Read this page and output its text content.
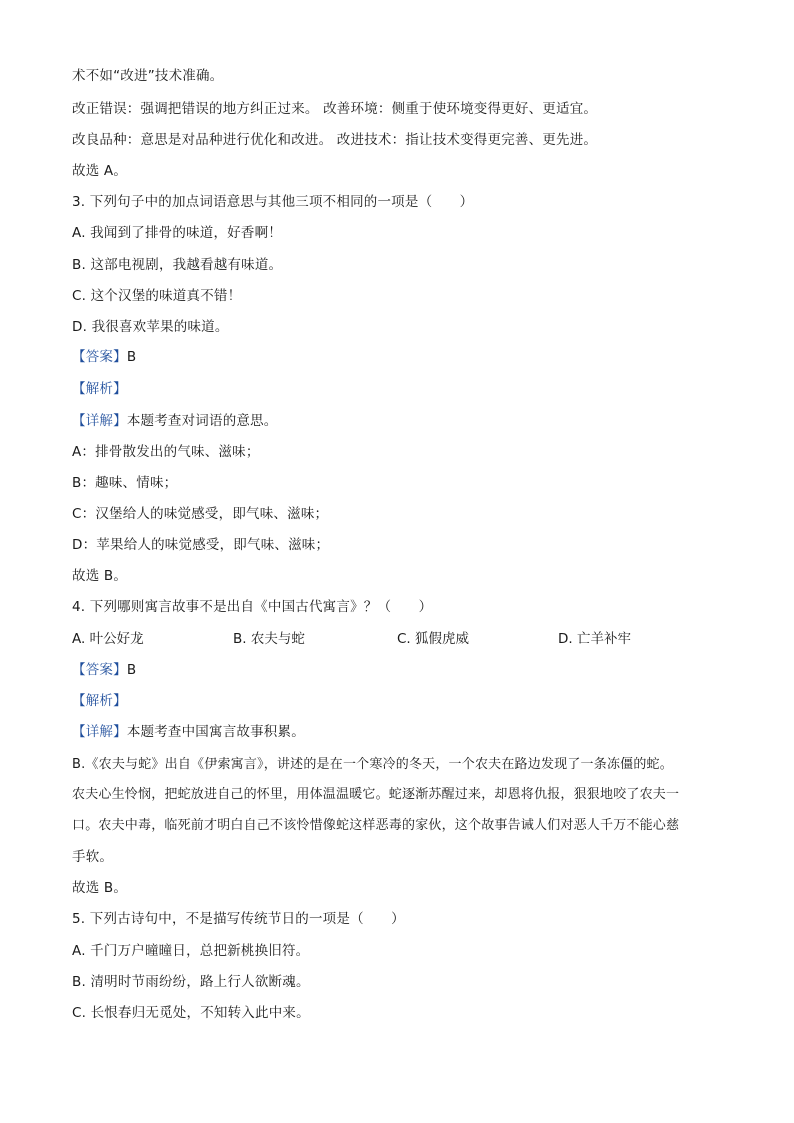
术不如“改进”技术准确。
改正错误：强调把错误的地方纠正过来。 改善环境：侧重于使环境变得更好、更适宜。
改良品种：意思是对品种进行优化和改进。 改进技术：指让技术变得更完善、更先进。
故选 A。
3. 下列句子中的加点词语意思与其他三项不相同的一项是（　　）
A. 我闻到了排骨的味道，好香啊！
B. 这部电视剧，我越看越有味道。
C. 这个汉堡的味道真不错！
D. 我很喜欢苹果的味道。
【答案】B
【解析】
【详解】本题考查对词语的意思。
A：排骨散发出的气味、滋味；
B：趣味、情味；
C：汉堡给人的味觉感受，即气味、滋味；
D：苹果给人的味觉感受，即气味、滋味；
故选 B。
4. 下列哪则寓言故事不是出自《中国古代寓言》？（　　）
A. 叶公好龙	B. 农夫与蛇	C. 狐假虎威	D. 亡羊补牢
【答案】B
【解析】
【详解】本题考查中国寓言故事积累。
B.《农夫与蛇》出自《伊索寓言》，讲述的是在一个寒冷的冬天，一个农夫在路边发现了一条冻僵的蛇。
农夫心生怜悯，把蛇放进自己的怀里，用体温温暖它。蛇逐渐苏醒过来，却恩将仇报，狠狠地咬了农夫一
口。农夫中毒，临死前才明白自己不该怜惜像蛇这样恶毒的家伙，这个故事告诫人们对恶人千万不能心慈
手软。
故选 B。
5. 下列古诗句中，不是描写传统节日的一项是（　　）
A. 千门万户曈曈日，总把新桃换旧符。
B. 清明时节雨纷纷，路上行人欲断魂。
C. 长恨春归无觅处，不知转入此中来。
